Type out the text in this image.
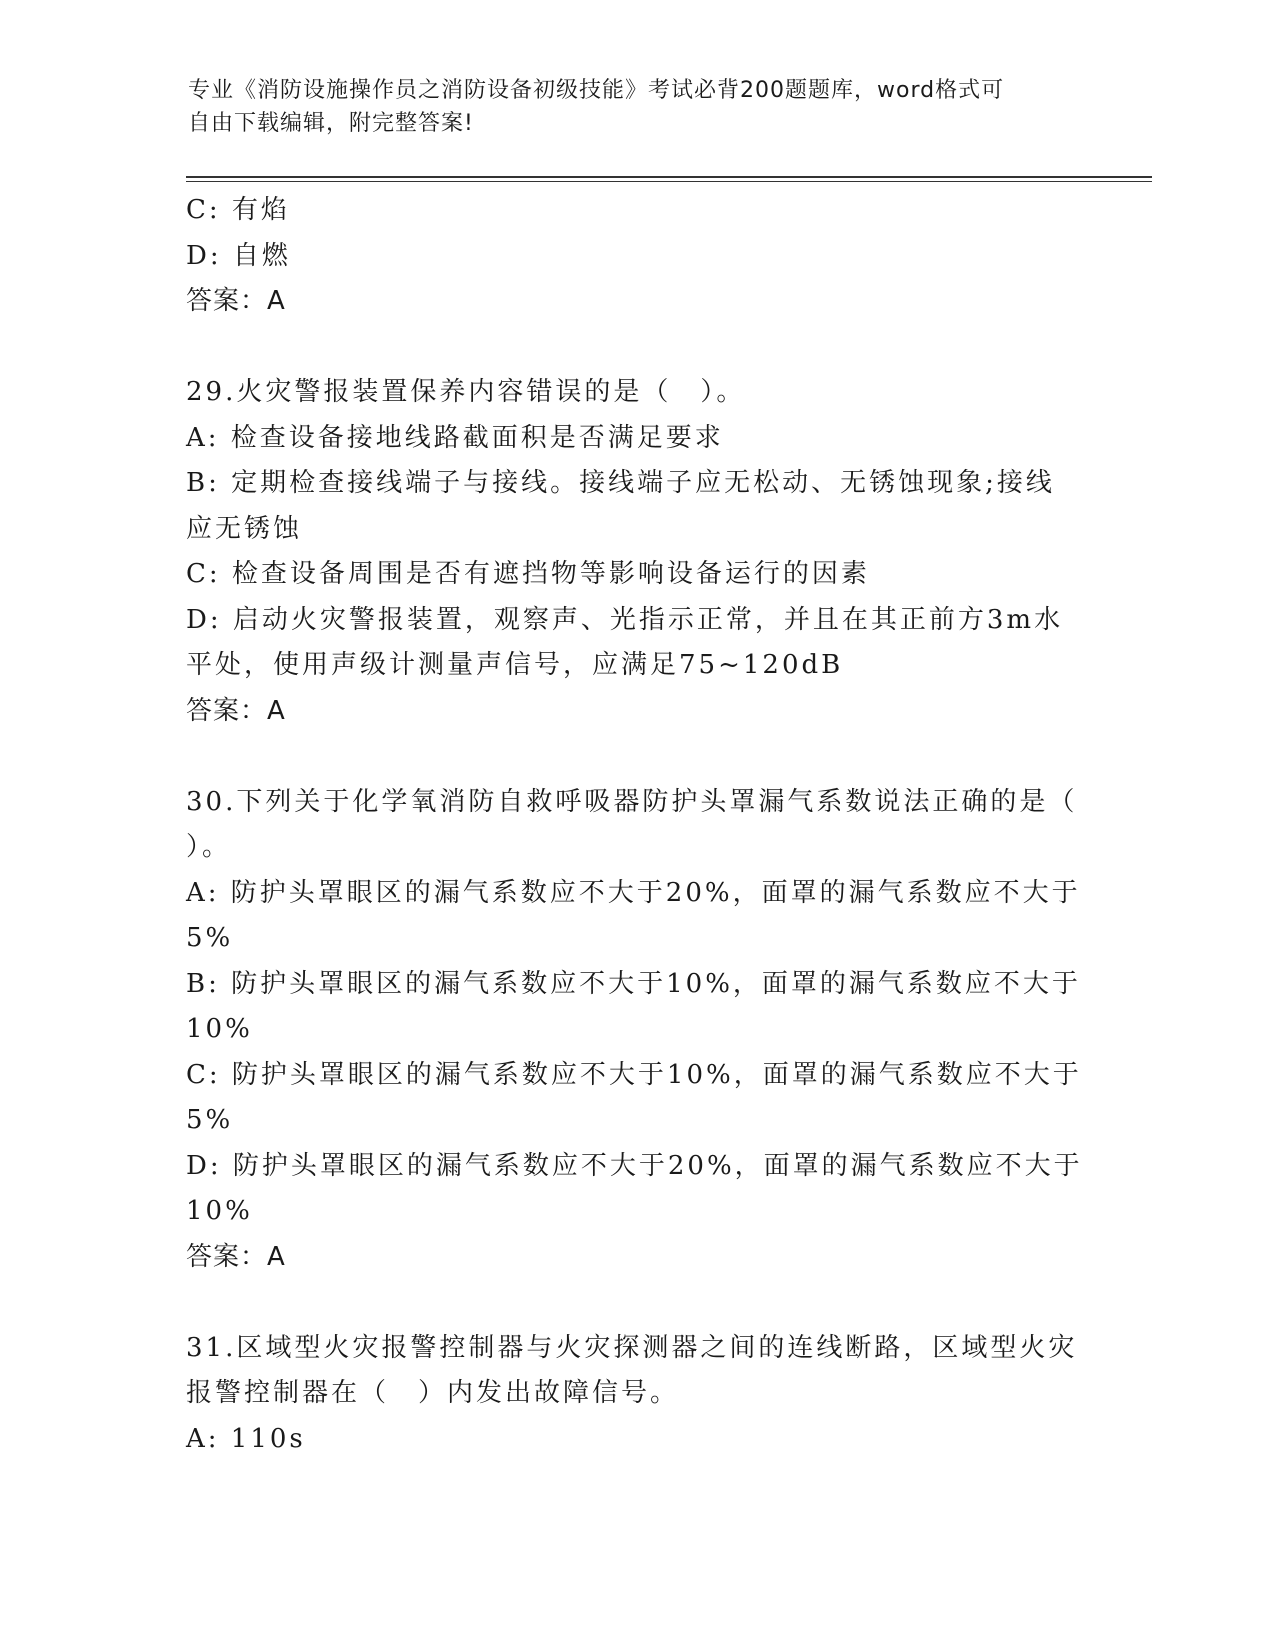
专业《消防设施操作员之消防设备初级技能》考试必背200题题库，word格式可
自由下载编辑，附完整答案!
C: 有焰
D: 自燃
答案：A
29.火灾警报装置保养内容错误的是（　）。
A: 检查设备接地线路截面积是否满足要求
B: 定期检查接线端子与接线。接线端子应无松动、无锈蚀现象;接线
应无锈蚀
C: 检查设备周围是否有遮挡物等影响设备运行的因素
D: 启动火灾警报装置，观察声、光指示正常，并且在其正前方3m水
平处，使用声级计测量声信号，应满足75~120dB
答案：A
30.下列关于化学氧消防自救呼吸器防护头罩漏气系数说法正确的是（
）。
A: 防护头罩眼区的漏气系数应不大于20%，面罩的漏气系数应不大于
5%
B: 防护头罩眼区的漏气系数应不大于10%，面罩的漏气系数应不大于
10%
C: 防护头罩眼区的漏气系数应不大于10%，面罩的漏气系数应不大于
5%
D: 防护头罩眼区的漏气系数应不大于20%，面罩的漏气系数应不大于
10%
答案：A
31.区域型火灾报警控制器与火灾探测器之间的连线断路，区域型火灾
报警控制器在（　）内发出故障信号。
A: 110s
